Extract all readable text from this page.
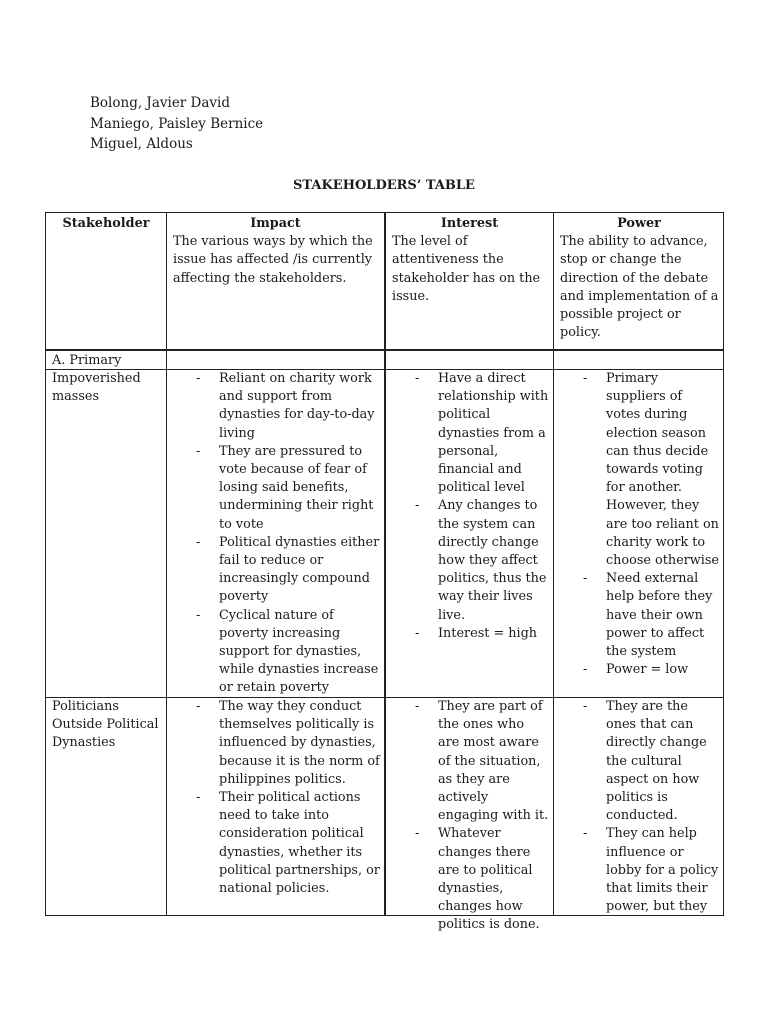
Bolong, Javier David
Maniego, Paisley Bernice
Miguel, Aldous
STAKEHOLDERS’ TABLE
Stakeholder	Impact
The various ways by which the issue has affected /is currently affecting the stakeholders.
Interest
The level of attentiveness the stakeholder has on the issue.
Power
The ability to advance, stop or change the direction of the debate and implementation of a possible project or policy.
A. Primary
Impoverished masses
- Reliant on charity work and support from dynasties for day-to-day living
- They are pressured to vote because of fear of losing said benefits, undermining their right to vote
- Political dynasties either fail to reduce or increasingly compound poverty
- Cyclical nature of poverty increasing support for dynasties, while dynasties increase or retain poverty
- Have a direct relationship with political dynasties from a personal, financial and political level
- Any changes to the system can directly change how they affect politics, thus the way their lives live.
- Interest = high
- Primary suppliers of votes during election season can thus decide towards voting for another. However, they are too reliant on charity work to choose otherwise
- Need external help before they have their own power to affect the system
- Power = low
Politicians Outside Political Dynasties
- The way they conduct themselves politically is influenced by dynasties, because it is the norm of philippines politics.
- Their political actions need to take into consideration political dynasties, whether its political partnerships, or national policies.
- They are part of the ones who are most aware of the situation, as they are actively engaging with it.
- Whatever changes there are to political dynasties, changes how politics is done.
- They are the ones that can directly change the cultural aspect on how politics is conducted.
- They can help influence or lobby for a policy that limits their power, but they
